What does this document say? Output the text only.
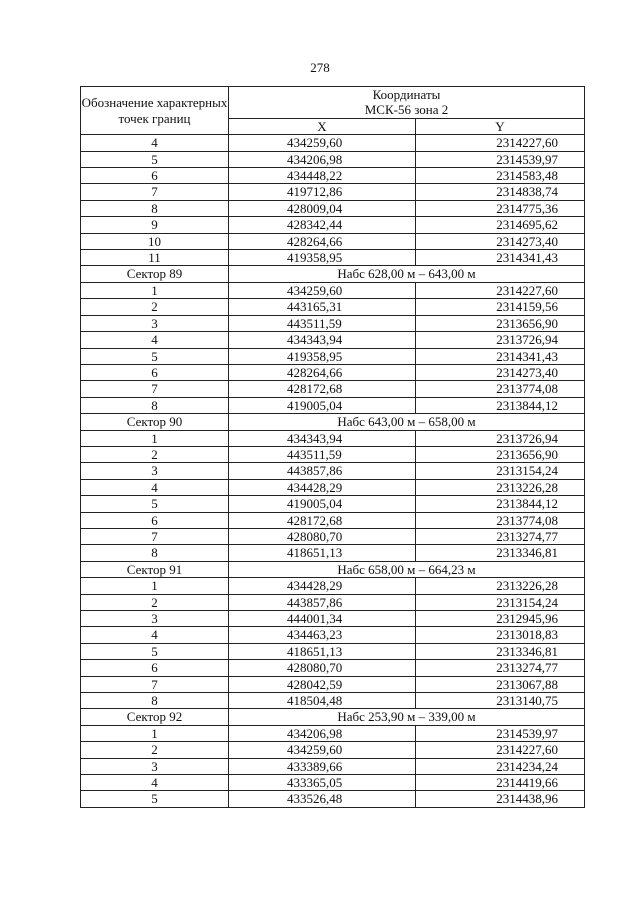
278
Обозначение характерных точек границ	Координаты
МСК-56 зона 2	

	X	Y
4	434259,60	2314227,60
5	434206,98	2314539,97
6	434448,22	2314583,48
7	419712,86	2314838,74
8	428009,04	2314775,36
9	428342,44	2314695,62
10	428264,66	2314273,40
11	419358,95	2314341,43
Сектор 89	Набс 628,00 м – 643,00 м	
1	434259,60	2314227,60
2	443165,31	2314159,56
3	443511,59	2313656,90
4	434343,94	2313726,94
5	419358,95	2314341,43
6	428264,66	2314273,40
7	428172,68	2313774,08
8	419005,04	2313844,12
Сектор 90	Набс 643,00 м – 658,00 м	
1	434343,94	2313726,94
2	443511,59	2313656,90
3	443857,86	2313154,24
4	434428,29	2313226,28
5	419005,04	2313844,12
6	428172,68	2313774,08
7	428080,70	2313274,77
8	418651,13	2313346,81
Сектор 91	Набс 658,00 м – 664,23 м	
1	434428,29	2313226,28
2	443857,86	2313154,24
3	444001,34	2312945,96
4	434463,23	2313018,83
5	418651,13	2313346,81
6	428080,70	2313274,77
7	428042,59	2313067,88
8	418504,48	2313140,75
Сектор 92	Набс 253,90 м – 339,00 м	
1	434206,98	2314539,97
2	434259,60	2314227,60
3	433389,66	2314234,24
4	433365,05	2314419,66
5	433526,48	2314438,96
